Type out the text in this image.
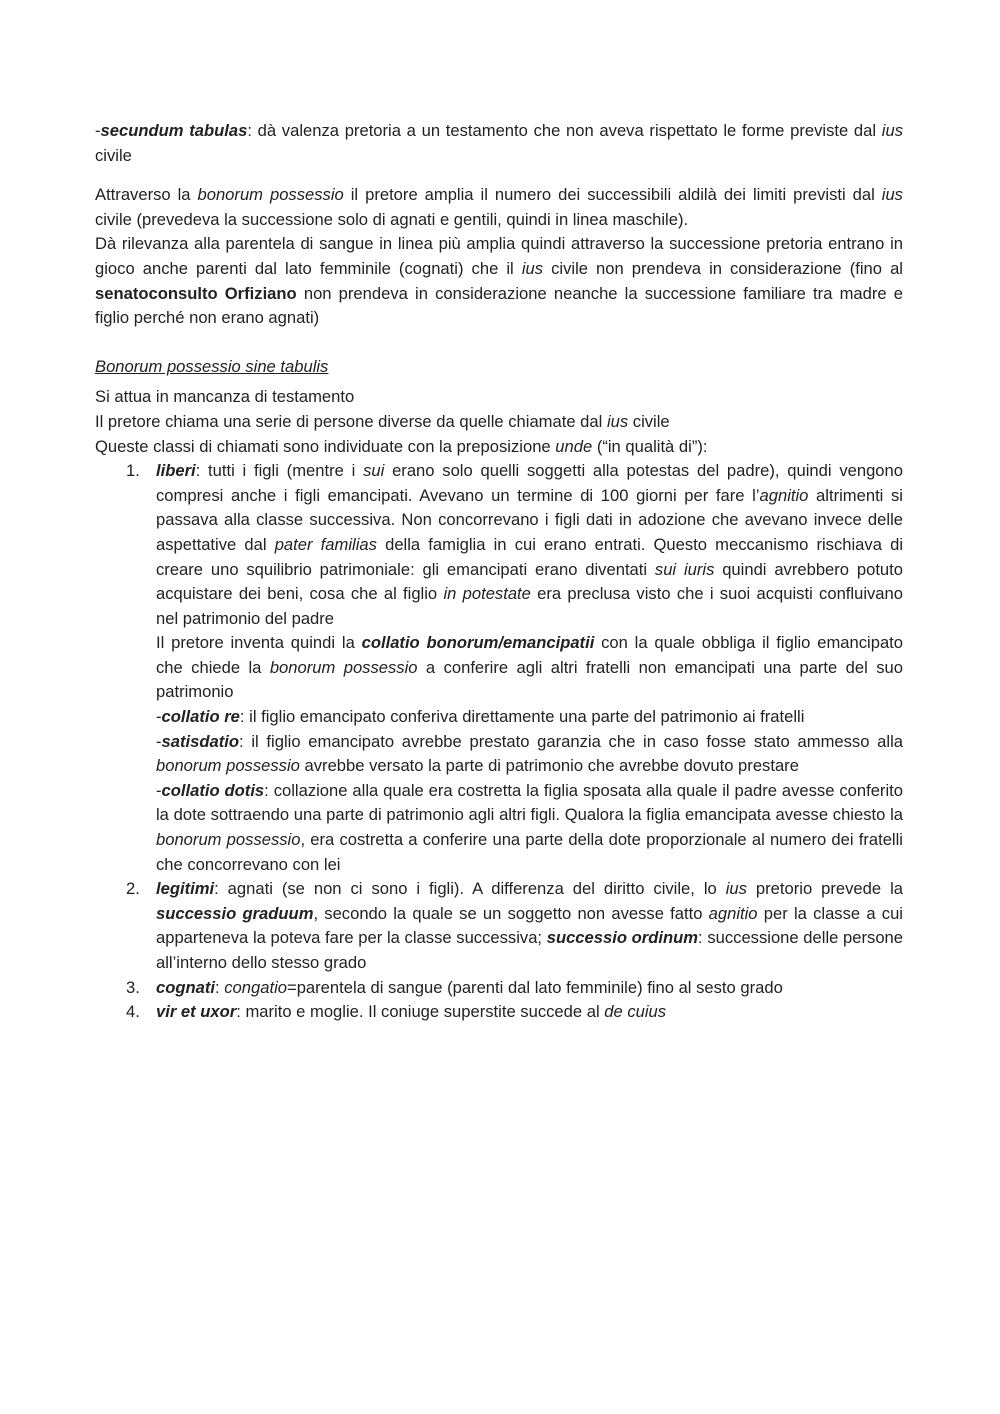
-secundum tabulas: dà valenza pretoria a un testamento che non aveva rispettato le forme previste dal ius civile

Attraverso la bonorum possessio il pretore amplia il numero dei successibili aldilà dei limiti previsti dal ius civile (prevedeva la successione solo di agnati e gentili, quindi in linea maschile).

Dà rilevanza alla parentela di sangue in linea più amplia quindi attraverso la successione pretoria entrano in gioco anche parenti dal lato femminile (cognati) che il ius civile non prendeva in considerazione (fino al senatoconsulto Orfiziano non prendeva in considerazione neanche la successione familiare tra madre e figlio perché non erano agnati)

Bonorum possessio sine tabulis

Si attua in mancanza di testamento

Il pretore chiama una serie di persone diverse da quelle chiamate dal ius civile

Queste classi di chiamati sono individuate con la preposizione unde (“in qualità di”):

1. liberi: tutti i figli (mentre i sui erano solo quelli soggetti alla potestas del padre), quindi vengono compresi anche i figli emancipati. Avevano un termine di 100 giorni per fare l’agnitio altrimenti si passava alla classe successiva. Non concorrevano i figli dati in adozione che avevano invece delle aspettative dal pater familias della famiglia in cui erano entrati. Questo meccanismo rischiava di creare uno squilibrio patrimoniale: gli emancipati erano diventati sui iuris quindi avrebbero potuto acquistare dei beni, cosa che al figlio in potestate era preclusa visto che i suoi acquisti confluivano nel patrimonio del padre

Il pretore inventa quindi la collatio bonorum/emancipatii con la quale obbliga il figlio emancipato che chiede la bonorum possessio a conferire agli altri fratelli non emancipati una parte del suo patrimonio

-collatio re: il figlio emancipato conferiva direttamente una parte del patrimonio ai fratelli

-satisdatio: il figlio emancipato avrebbe prestato garanzia che in caso fosse stato ammesso alla bonorum possessio avrebbe versato la parte di patrimonio che avrebbe dovuto prestare

-collatio dotis: collazione alla quale era costretta la figlia sposata alla quale il padre avesse conferito la dote sottraendo una parte di patrimonio agli altri figli. Qualora la figlia emancipata avesse chiesto la bonorum possessio, era costretta a conferire una parte della dote proporzionale al numero dei fratelli che concorrevano con lei

2. legitimi: agnati (se non ci sono i figli). A differenza del diritto civile, lo ius pretorio prevede la successio graduum, secondo la quale se un soggetto non avesse fatto agnitio per la classe a cui apparteneva la poteva fare per la classe successiva; successio ordinum: successione delle persone all’interno dello stesso grado

3. cognati: congatio=parentela di sangue (parenti dal lato femminile) fino al sesto grado

4. vir et uxor: marito e moglie. Il coniuge superstite succede al de cuius
